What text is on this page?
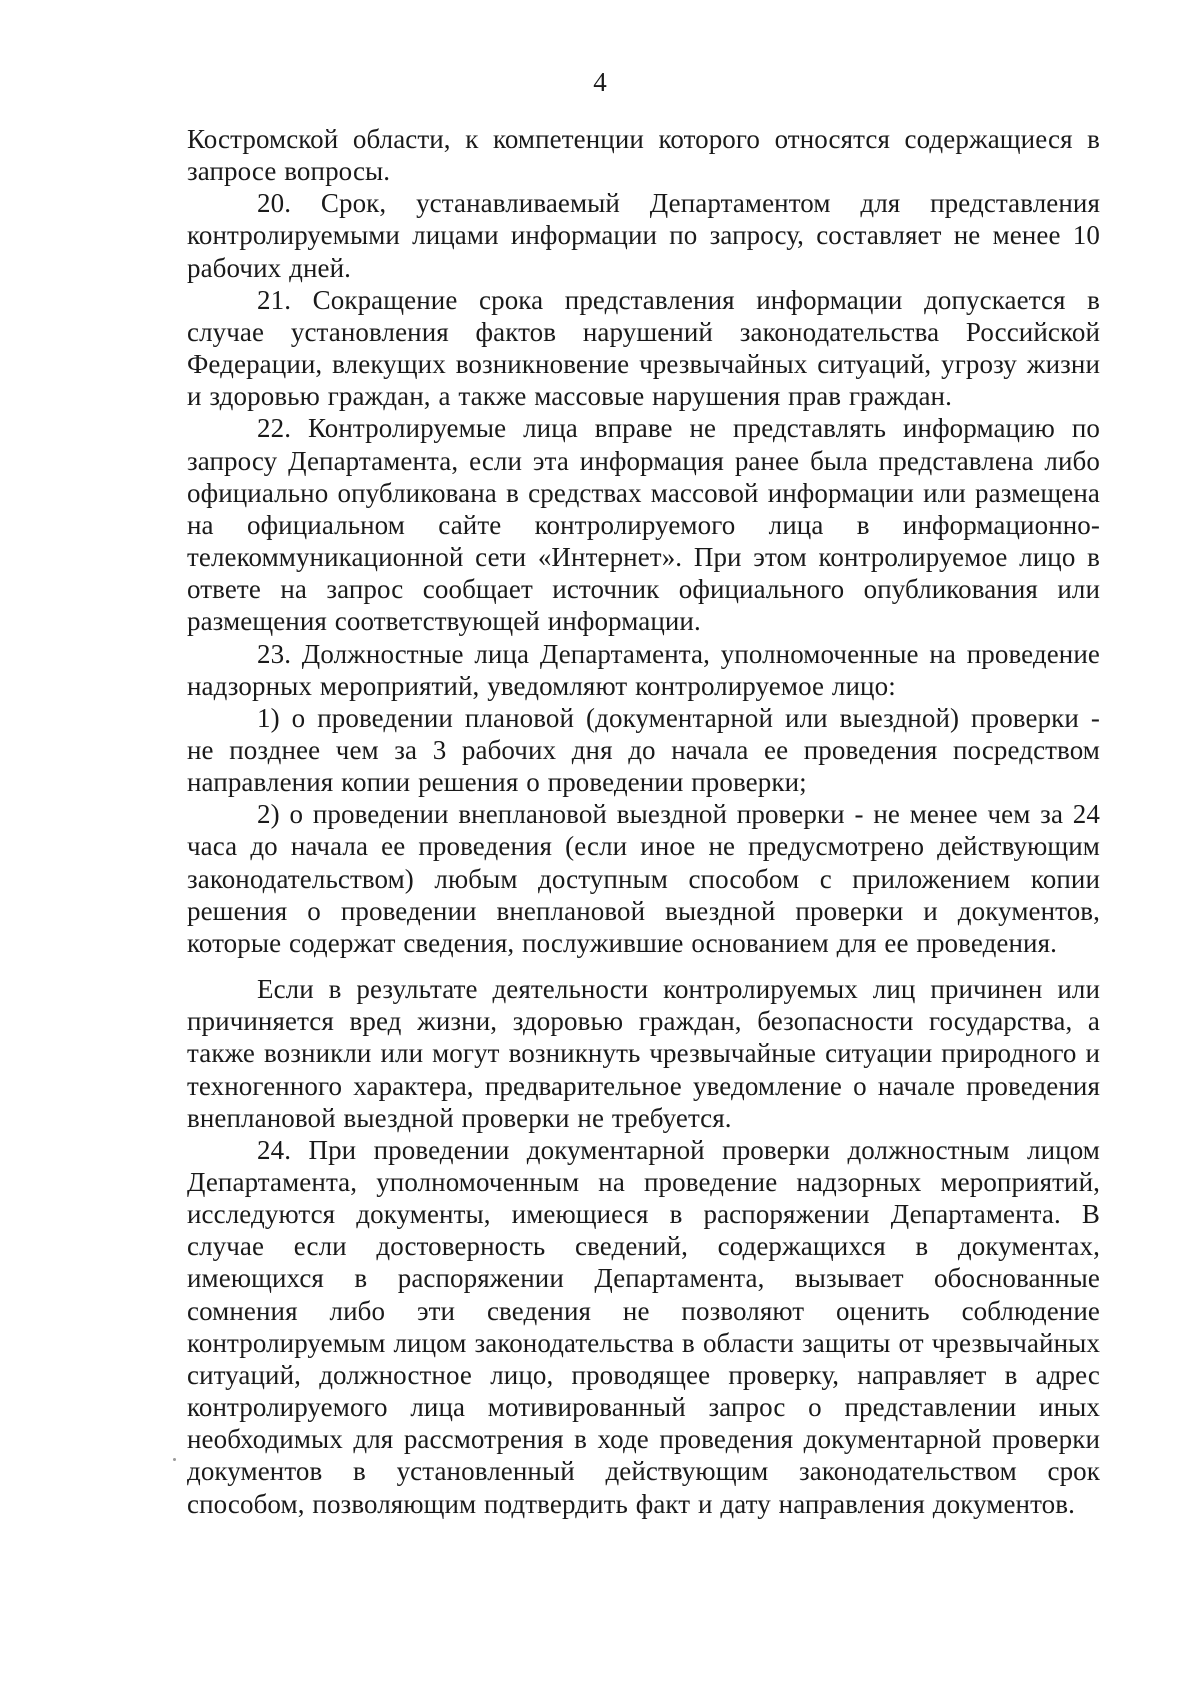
4

Костромской области, к компетенции которого относятся содержащиеся в запросе вопросы.

20. Срок, устанавливаемый Департаментом для представления контролируемыми лицами информации по запросу, составляет не менее 10 рабочих дней.

21. Сокращение срока представления информации допускается в случае установления фактов нарушений законодательства Российской Федерации, влекущих возникновение чрезвычайных ситуаций, угрозу жизни и здоровью граждан, а также массовые нарушения прав граждан.

22. Контролируемые лица вправе не представлять информацию по запросу Департамента, если эта информация ранее была представлена либо официально опубликована в средствах массовой информации или размещена на официальном сайте контролируемого лица в информационно-телекоммуникационной сети «Интернет». При этом контролируемое лицо в ответе на запрос сообщает источник официального опубликования или размещения соответствующей информации.

23. Должностные лица Департамента, уполномоченные на проведение надзорных мероприятий, уведомляют контролируемое лицо:

1) о проведении плановой (документарной или выездной) проверки - не позднее чем за 3 рабочих дня до начала ее проведения посредством направления копии решения о проведении проверки;

2) о проведении внеплановой выездной проверки - не менее чем за 24 часа до начала ее проведения (если иное не предусмотрено действующим законодательством) любым доступным способом с приложением копии решения о проведении внеплановой выездной проверки и документов, которые содержат сведения, послужившие основанием для ее проведения.

Если в результате деятельности контролируемых лиц причинен или причиняется вред жизни, здоровью граждан, безопасности государства, а также возникли или могут возникнуть чрезвычайные ситуации природного и техногенного характера, предварительное уведомление о начале проведения внеплановой выездной проверки не требуется.

24. При проведении документарной проверки должностным лицом Департамента, уполномоченным на проведение надзорных мероприятий, исследуются документы, имеющиеся в распоряжении Департамента. В случае если достоверность сведений, содержащихся в документах, имеющихся в распоряжении Департамента, вызывает обоснованные сомнения либо эти сведения не позволяют оценить соблюдение контролируемым лицом законодательства в области защиты от чрезвычайных ситуаций, должностное лицо, проводящее проверку, направляет в адрес контролируемого лица мотивированный запрос о представлении иных необходимых для рассмотрения в ходе проведения документарной проверки документов в установленный действующим законодательством срок способом, позволяющим подтвердить факт и дату направления документов.
